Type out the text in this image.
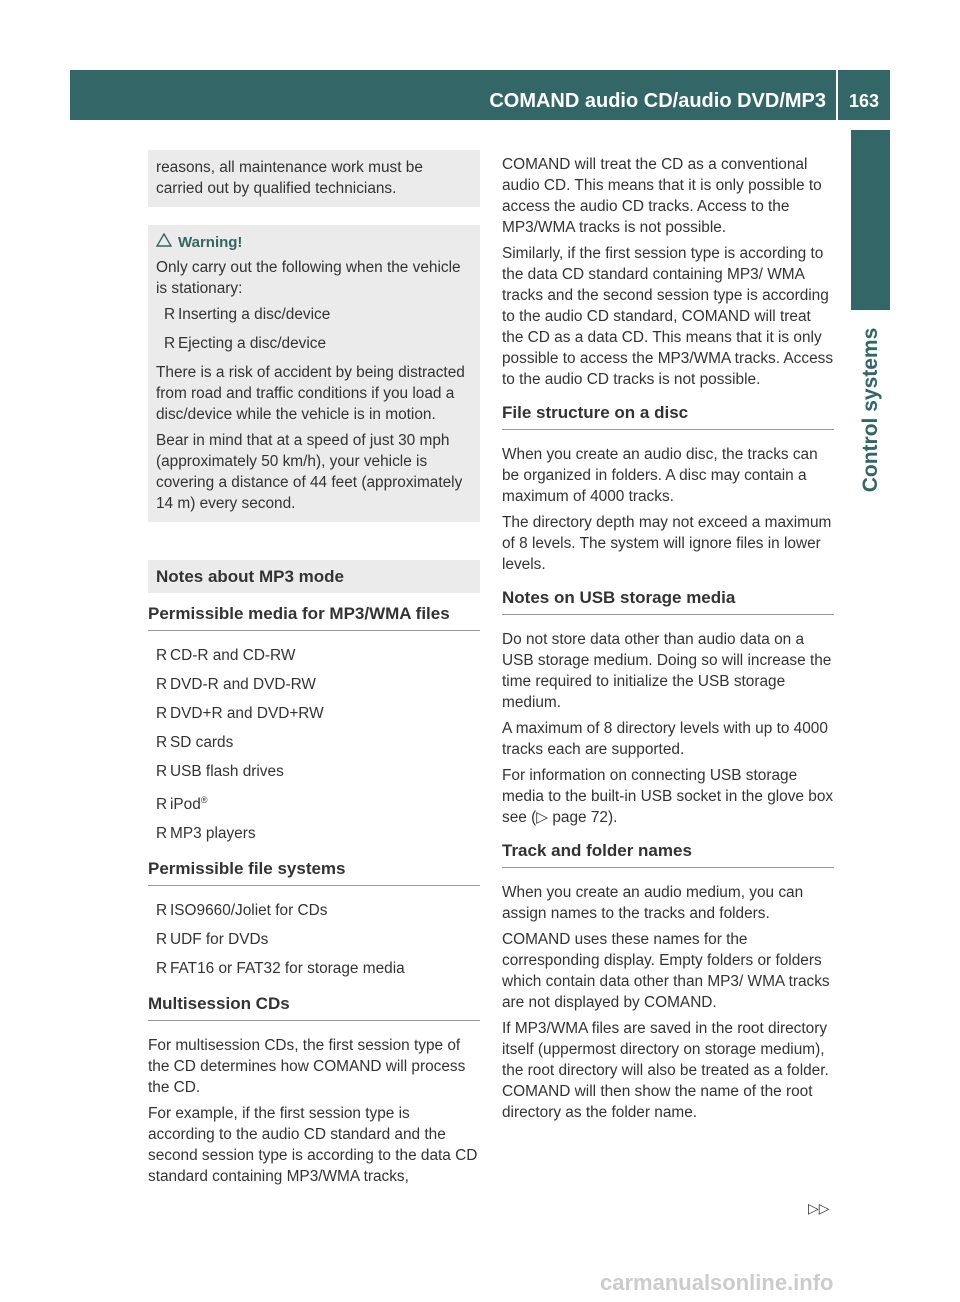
COMAND audio CD/audio DVD/MP3	163
Control systems
reasons, all maintenance work must be carried out by qualified technicians.
Warning!

Only carry out the following when the vehicle is stationary:

R Inserting a disc/device
R Ejecting a disc/device

There is a risk of accident by being distracted from road and traffic conditions if you load a disc/device while the vehicle is in motion.

Bear in mind that at a speed of just 30 mph (approximately 50 km/h), your vehicle is covering a distance of 44 feet (approximately 14 m) every second.

Notes about MP3 mode
Permissible media for MP3/WMA files
R CD-R and CD-RW
R DVD-R and DVD-RW
R DVD+R and DVD+RW
R SD cards
R USB flash drives
R iPod®
R MP3 players
Permissible file systems
R ISO9660/Joliet for CDs
R UDF for DVDs
R FAT16 or FAT32 for storage media
Multisession CDs

For multisession CDs, the first session type of the CD determines how COMAND will process the CD.

For example, if the first session type is according to the audio CD standard and the second session type is according to the data CD standard containing MP3/WMA tracks,

COMAND will treat the CD as a conventional audio CD. This means that it is only possible to access the audio CD tracks. Access to the MP3/WMA tracks is not possible.

Similarly, if the first session type is according to the data CD standard containing MP3/ WMA tracks and the second session type is according to the audio CD standard, COMAND will treat the CD as a data CD. This means that it is only possible to access the MP3/WMA tracks. Access to the audio CD tracks is not possible.

File structure on a disc

When you create an audio disc, the tracks can be organized in folders. A disc may contain a maximum of 4000 tracks.

The directory depth may not exceed a maximum of 8 levels. The system will ignore files in lower levels.

Notes on USB storage media

Do not store data other than audio data on a USB storage medium. Doing so will increase the time required to initialize the USB storage medium.

A maximum of 8 directory levels with up to 4000 tracks each are supported.

For information on connecting USB storage media to the built-in USB socket in the glove box see (▷ page 72).

Track and folder names

When you create an audio medium, you can assign names to the tracks and folders.

COMAND uses these names for the corresponding display. Empty folders or folders which contain data other than MP3/ WMA tracks are not displayed by COMAND.

If MP3/WMA files are saved in the root directory itself (uppermost directory on storage medium), the root directory will also be treated as a folder. COMAND will then show the name of the root directory as the folder name.

▷▷
carmanualsonline.info
